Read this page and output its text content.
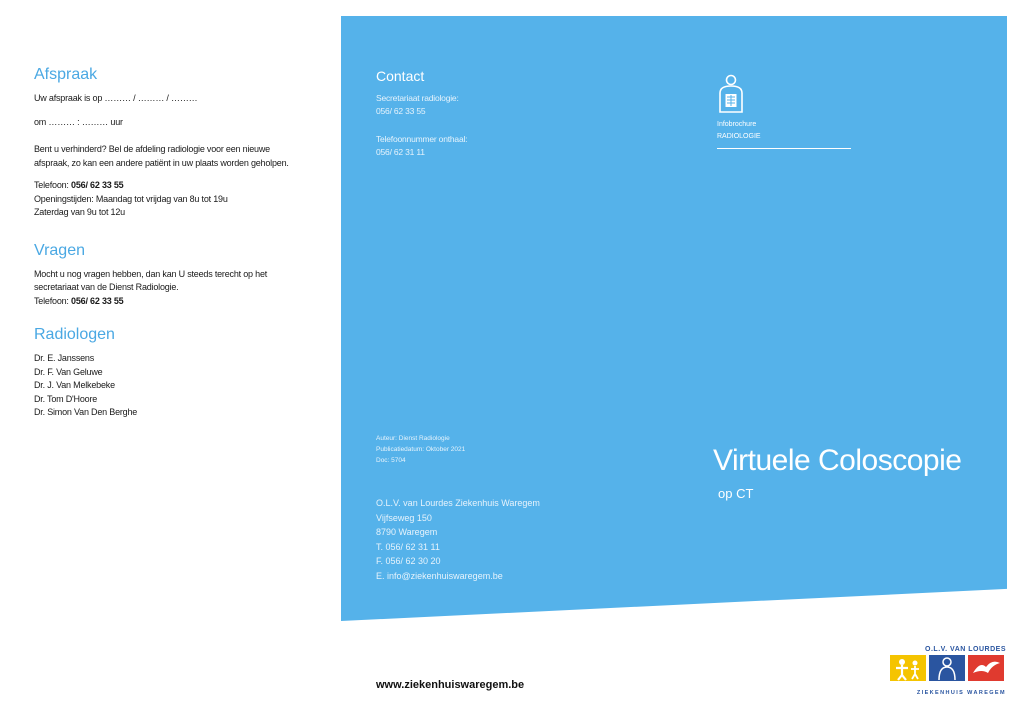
Afspraak

Uw afspraak is op ……… / ……… / ………

om ……… : ……… uur

Bent u verhinderd? Bel de afdeling radiologie voor een nieuwe afspraak, zo kan een andere patiënt in uw plaats worden geholpen.

Telefoon: 056/ 62 33 55

Openingstijden: Maandag tot vrijdag van 8u tot 19u

Zaterdag van 9u tot 12u

Vragen

Mocht u nog vragen hebben, dan kan U steeds terecht op het secretariaat van de Dienst Radiologie.

Telefoon: 056/ 62 33 55

Radiologen

Dr. E. Janssens

Dr. F. Van Geluwe

Dr. J. Van Melkebeke

Dr. Tom D'Hoore

Dr. Simon Van Den Berghe

Contact

Secretariaat radiologie:

056/ 62 33 55

Telefoonnummer onthaal:

056/ 62 31 11

Infobrochure
RADIOLOGIE
Auteur: Dienst Radiologie
Publicatiedatum: Oktober 2021
Doc: 5704
O.L.V. van Lourdes Ziekenhuis Waregem
Vijfseweg 150
8790 Waregem
T. 056/ 62 31 11
F. 056/ 62 30 20
E. info@ziekenhuiswaregem.be
Virtuele Coloscopie
op CT
www.ziekenhuiswaregem.be
O.L.V. VAN LOURDES
ZIEKENHUIS WAREGEM
